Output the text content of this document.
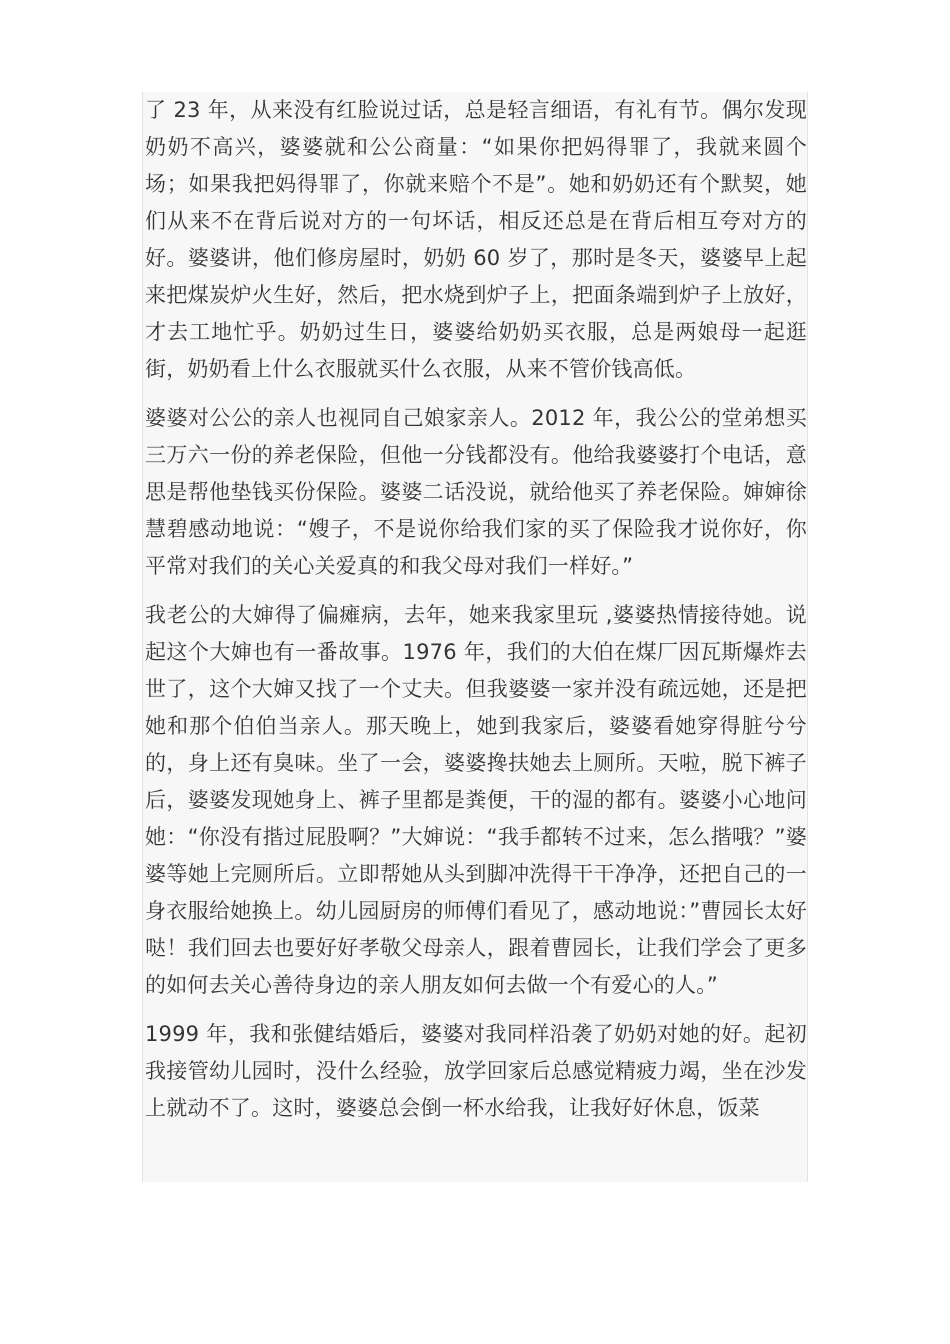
了 23 年，从来没有红脸说过话，总是轻言细语，有礼有节。偶尔发现奶奶不高兴，婆婆就和公公商量：“如果你把妈得罪了，我就来圆个场；如果我把妈得罪了，你就来赔个不是”。她和奶奶还有个默契，她们从来不在背后说对方的一句坏话，相反还总是在背后相互夸对方的好。婆婆讲，他们修房屋时，奶奶 60 岁了，那时是冬天，婆婆早上起来把煤炭炉火生好，然后，把水烧到炉子上，把面条端到炉子上放好，才去工地忙乎。奶奶过生日，婆婆给奶奶买衣服，总是两娘母一起逛街，奶奶看上什么衣服就买什么衣服，从来不管价钱高低。

婆婆对公公的亲人也视同自己娘家亲人。2012 年，我公公的堂弟想买三万六一份的养老保险，但他一分钱都没有。他给我婆婆打个电话，意思是帮他垫钱买份保险。婆婆二话没说，就给他买了养老保险。婶婶徐慧碧感动地说：“嫂子，不是说你给我们家的买了保险我才说你好，你平常对我们的关心关爱真的和我父母对我们一样好。”

我老公的大婶得了偏瘫病，去年，她来我家里玩 ,婆婆热情接待她。说起这个大婶也有一番故事。1976 年，我们的大伯在煤厂因瓦斯爆炸去世了，这个大婶又找了一个丈夫。但我婆婆一家并没有疏远她，还是把她和那个伯伯当亲人。那天晚上，她到我家后，婆婆看她穿得脏兮兮的，身上还有臭味。坐了一会，婆婆搀扶她去上厕所。天啦，脱下裤子后，婆婆发现她身上、裤子里都是粪便，干的湿的都有。婆婆小心地问她：“你没有揩过屁股啊？”大婶说：“我手都转不过来，怎么揩哦？”婆婆等她上完厕所后。立即帮她从头到脚冲洗得干干净净，还把自己的一身衣服给她换上。幼儿园厨房的师傅们看见了，感动地说：”曹园长太好哒！我们回去也要好好孝敬父母亲人，跟着曹园长，让我们学会了更多的如何去关心善待身边的亲人朋友如何去做一个有爱心的人。”

1999 年，我和张健结婚后，婆婆对我同样沿袭了奶奶对她的好。起初我接管幼儿园时，没什么经验，放学回家后总感觉精疲力竭，坐在沙发上就动不了。这时，婆婆总会倒一杯水给我，让我好好休息，饭菜
